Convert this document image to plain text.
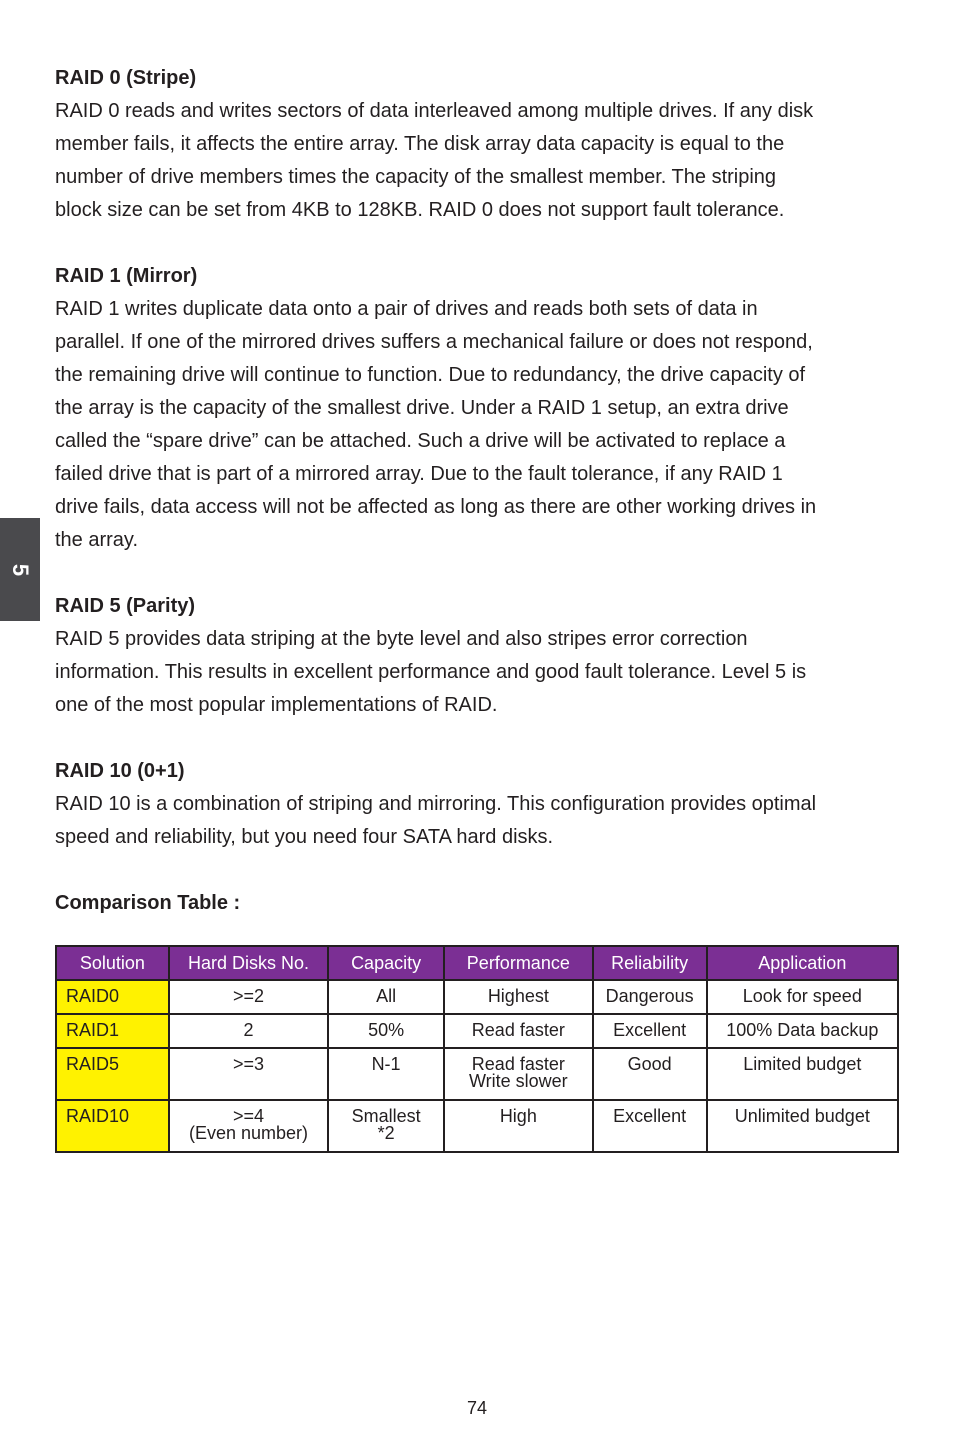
5

RAID 0 (Stripe)

RAID 0 reads and writes sectors of data interleaved among multiple drives. If any disk
member fails, it affects the entire array. The disk array data capacity is equal to the
number of drive members times the capacity of the smallest member. The striping
block size can be set from 4KB to 128KB. RAID 0 does not support fault tolerance.

RAID 1 (Mirror)

RAID 1 writes duplicate data onto a pair of drives and reads both sets of data in
parallel. If one of the mirrored drives suffers a mechanical failure or does not respond,
the remaining drive will continue to function. Due to redundancy, the drive capacity of
the array is the capacity of the smallest drive. Under a RAID 1 setup, an extra drive
called the “spare drive” can be attached. Such a drive will be activated to replace a
failed drive that is part of a mirrored array. Due to the fault tolerance, if any RAID 1
drive fails, data access will not be affected as long as there are other working drives in
the array.

RAID 5 (Parity)

RAID 5 provides data striping at the byte level and also stripes error correction
information. This results in excellent performance and good fault tolerance. Level 5 is
one of the most popular implementations of RAID.

RAID 10 (0+1)

RAID 10 is a combination of striping and mirroring. This configuration provides optimal
speed and reliability, but you need four SATA hard disks.

Comparison Table :

Solution	Hard Disks No.	Capacity	Performance	Reliability	Application

RAID0	>=2	All	Highest	Dangerous	Look for speed

RAID1	2	50%	Read faster	Excellent	100% Data backup

RAID5	>=3	N-1	Read faster
Write slower	Good	Limited budget

RAID10	>=4
(Even number)	Smallest
*2	High	Excellent	Unlimited budget
74
